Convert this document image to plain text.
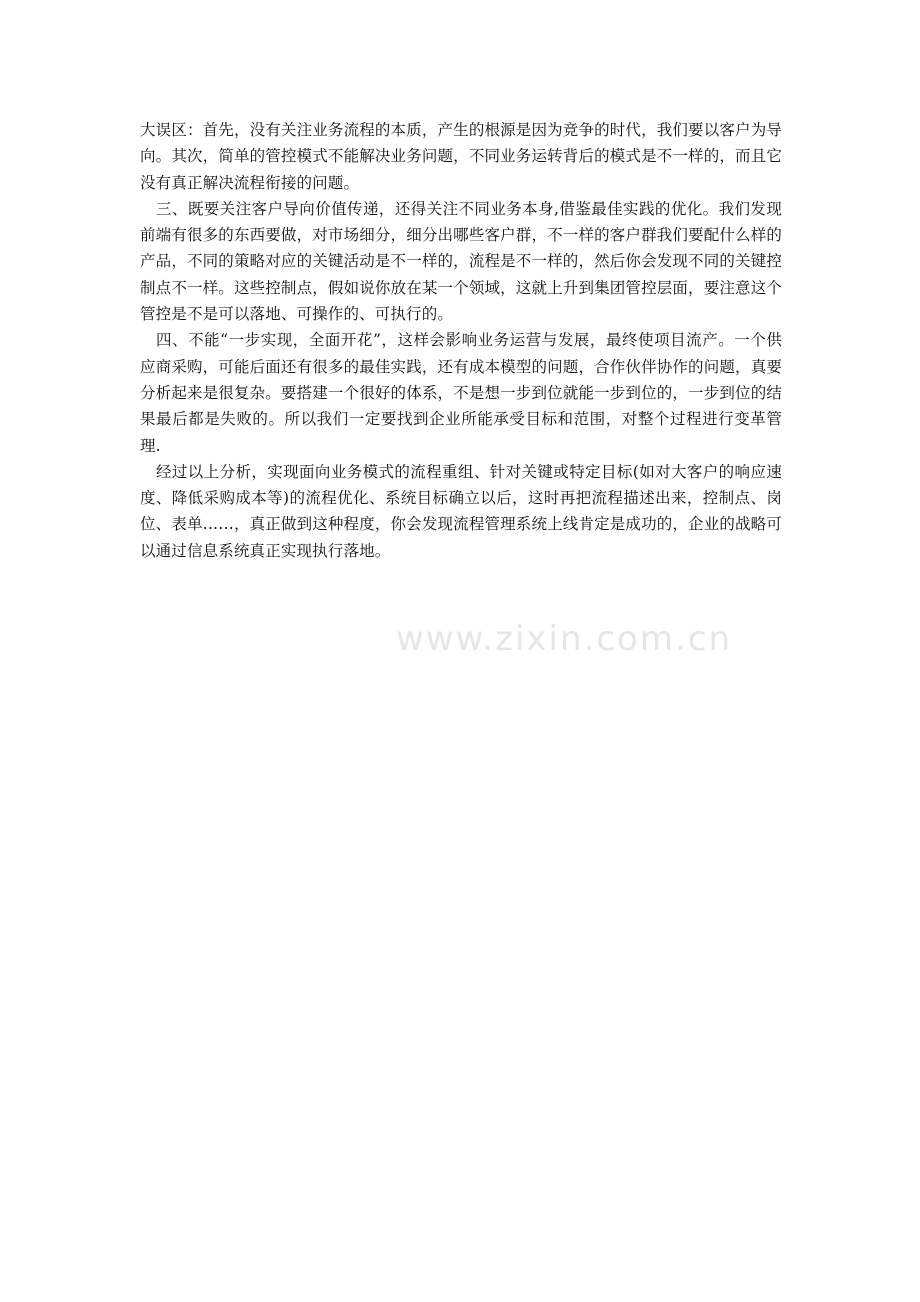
www.zixin.com.cn

大误区：首先，没有关注业务流程的本质，产生的根源是因为竞争的时代，我们要以客户为导向。其次，简单的管控模式不能解决业务问题，不同业务运转背后的模式是不一样的，而且它没有真正解决流程衔接的问题。

三、既要关注客户导向价值传递，还得关注不同业务本身,借鉴最佳实践的优化。我们发现前端有很多的东西要做，对市场细分，细分出哪些客户群，不一样的客户群我们要配什么样的产品，不同的策略对应的关键活动是不一样的，流程是不一样的，然后你会发现不同的关键控制点不一样。这些控制点，假如说你放在某一个领域，这就上升到集团管控层面，要注意这个管控是不是可以落地、可操作的、可执行的。

四、不能“一步实现，全面开花”，这样会影响业务运营与发展，最终使项目流产。一个供应商采购，可能后面还有很多的最佳实践，还有成本模型的问题，合作伙伴协作的问题，真要分析起来是很复杂。要搭建一个很好的体系，不是想一步到位就能一步到位的，一步到位的结果最后都是失败的。所以我们一定要找到企业所能承受目标和范围，对整个过程进行变革管理.

经过以上分析，实现面向业务模式的流程重组、针对关键或特定目标(如对大客户的响应速度、降低采购成本等)的流程优化、系统目标确立以后，这时再把流程描述出来，控制点、岗位、表单……，真正做到这种程度，你会发现流程管理系统上线肯定是成功的，企业的战略可以通过信息系统真正实现执行落地。
